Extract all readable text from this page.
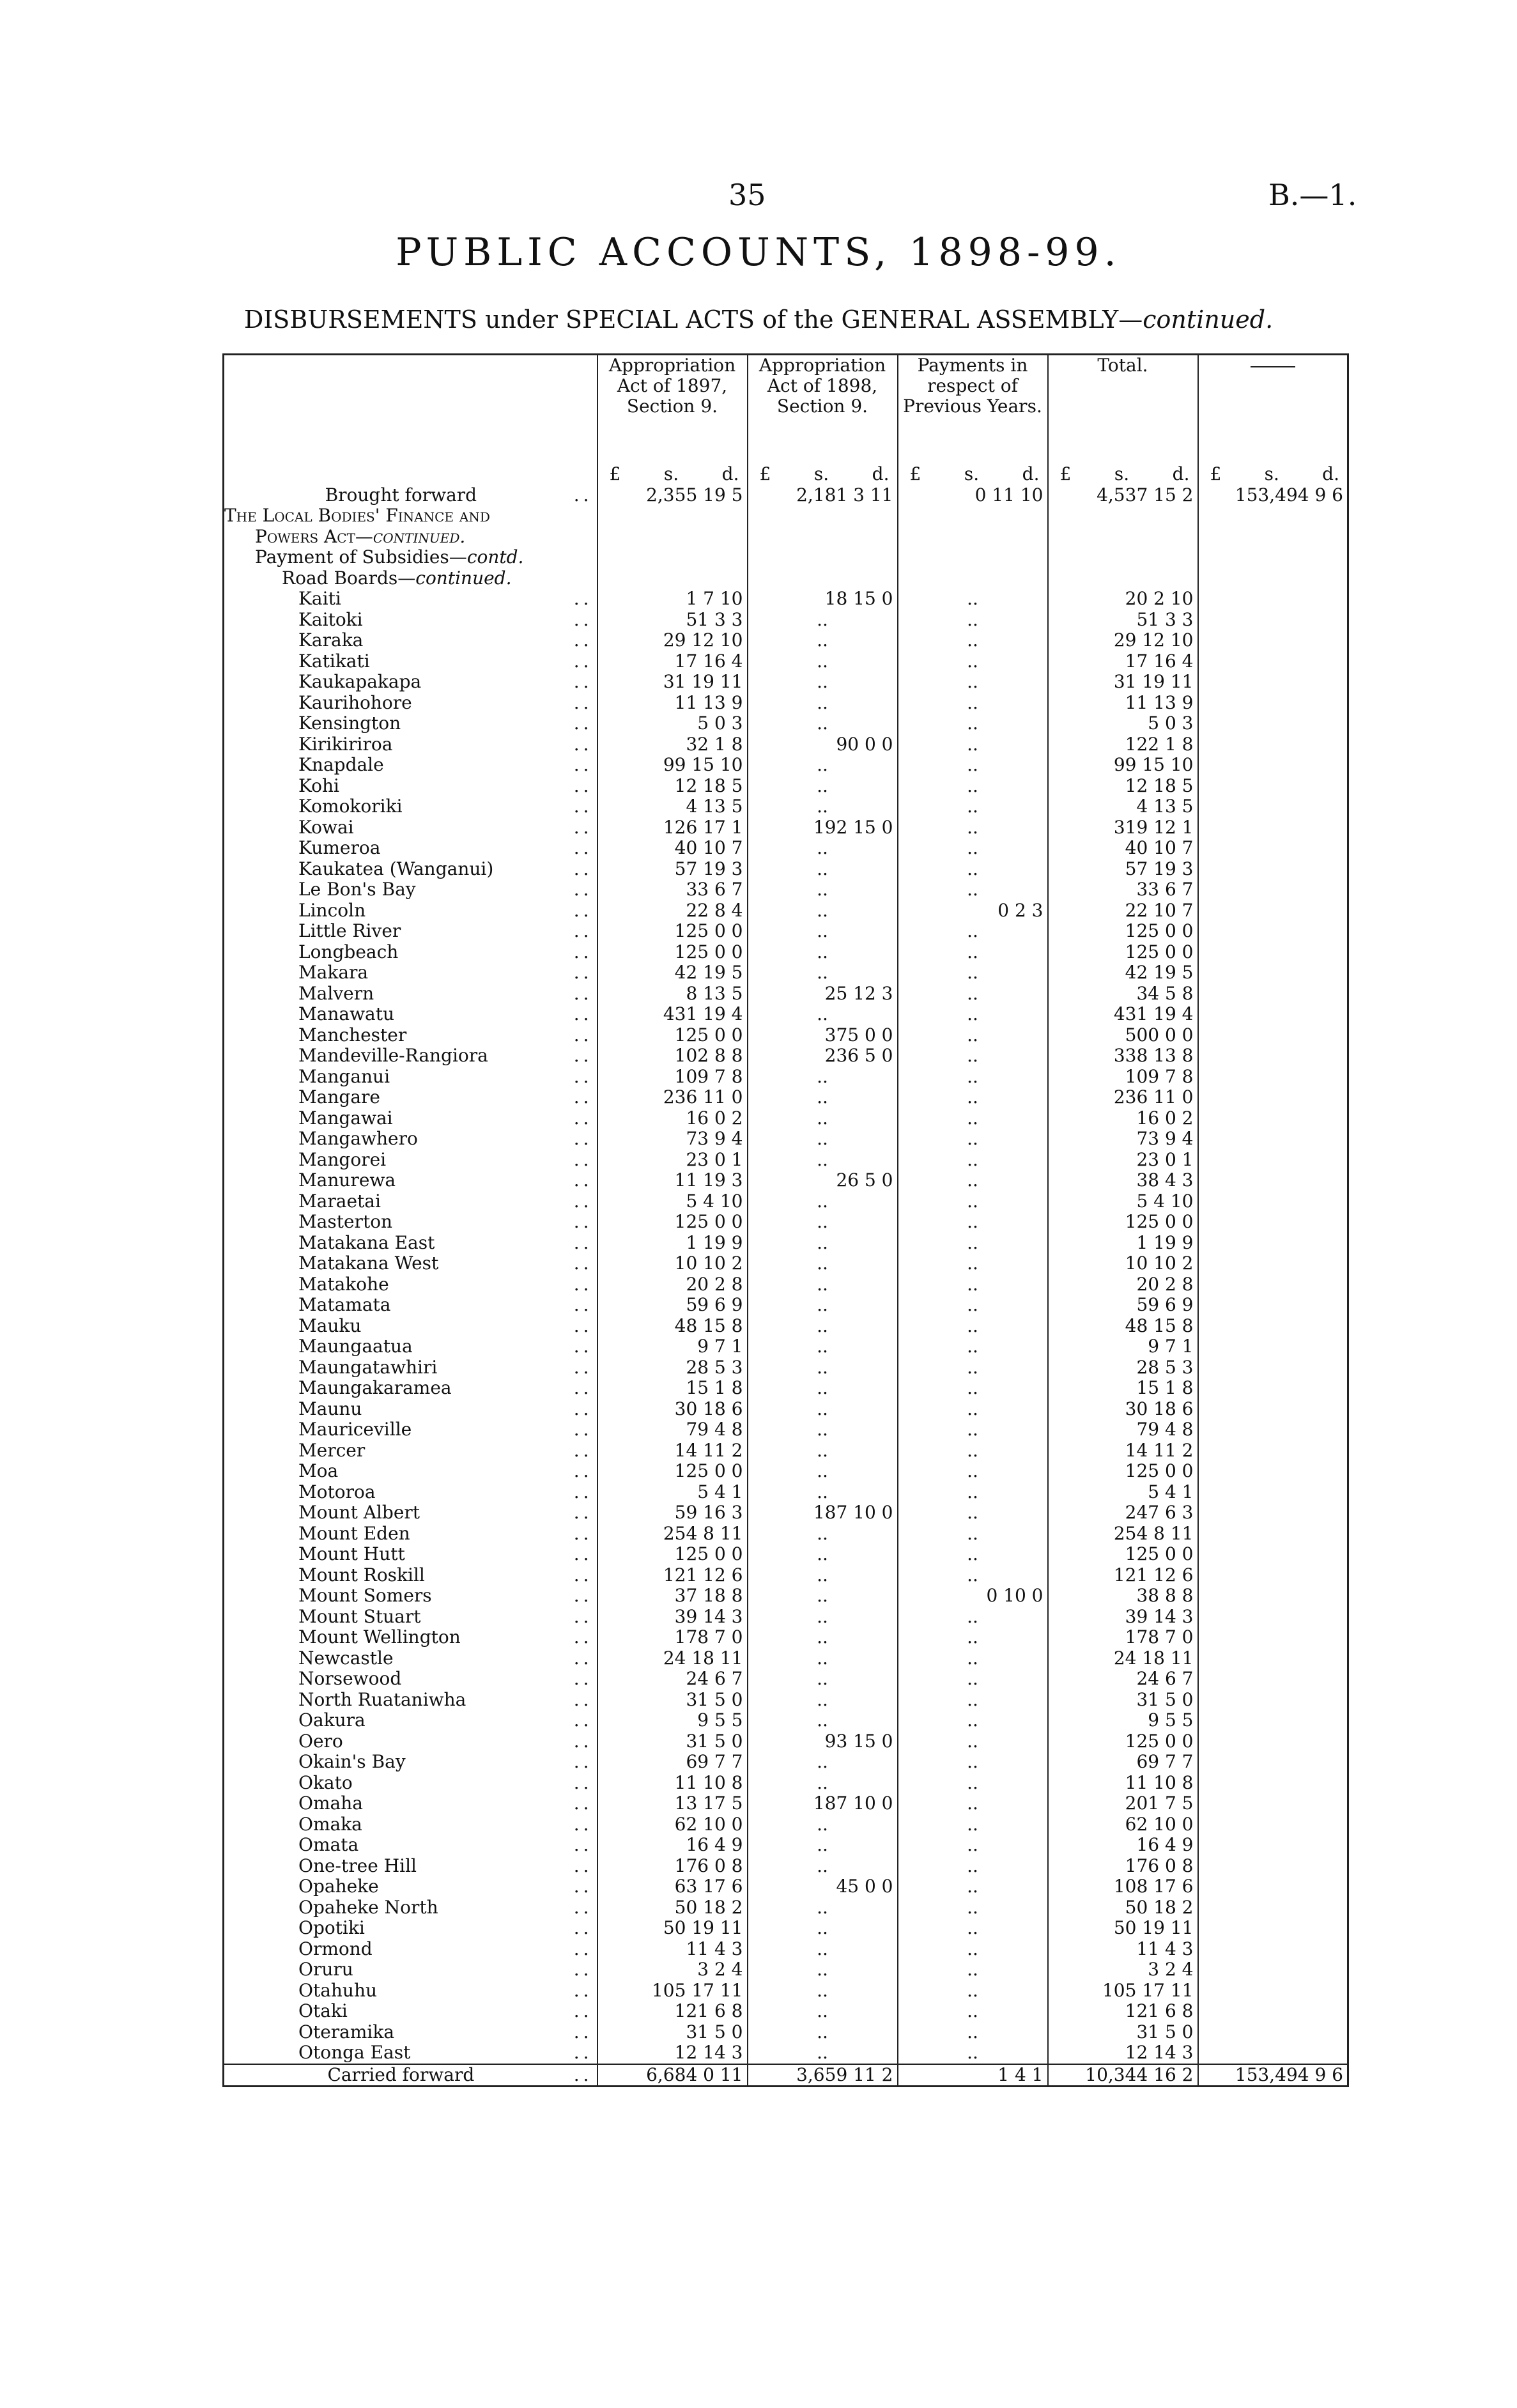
35	B.—1.
PUBLIC ACCOUNTS, 1898-99.
DISBURSEMENTS under SPECIAL ACTS of the GENERAL ASSEMBLY—continued.
	Appropriation Act of 1897, Section 9.	Appropriation Act of 1898, Section 9.	Payments in respect of Previous Years.	Total.	

	£ s. d.	£ s. d.	£ s. d.	£ s. d.	£ s. d.

Brought forward ..	2,355 19 5	2,181 3 11	0 11 10	4,537 15 2	153,494 9 6
The Local Bodies' Finance and					
Powers Act—continued.					
Payment of Subsidies—contd.					
Road Boards—continued.					
Kaiti ..	1 7 10	18 15 0	..	20 2 10	
Kaitoki ..	51 3 3	..	..	51 3 3	
Karaka ..	29 12 10	..	..	29 12 10	
Katikati ..	17 16 4	..	..	17 16 4	
Kaukapakapa ..	31 19 11	..	..	31 19 11	
Kaurihohore ..	11 13 9	..	..	11 13 9	
Kensington ..	5 0 3	..	..	5 0 3	
Kirikiriroa ..	32 1 8	90 0 0	..	122 1 8	
Knapdale ..	99 15 10	..	..	99 15 10	
Kohi ..	12 18 5	..	..	12 18 5	
Komokoriki ..	4 13 5	..	..	4 13 5	
Kowai ..	126 17 1	192 15 0	..	319 12 1	
Kumeroa ..	40 10 7	..	..	40 10 7	
Kaukatea (Wanganui) ..	57 19 3	..	..	57 19 3	
Le Bon's Bay ..	33 6 7	..	..	33 6 7	
Lincoln ..	22 8 4	..	0 2 3	22 10 7	
Little River ..	125 0 0	..	..	125 0 0	
Longbeach ..	125 0 0	..	..	125 0 0	
Makara ..	42 19 5	..	..	42 19 5	
Malvern ..	8 13 5	25 12 3	..	34 5 8	
Manawatu ..	431 19 4	..	..	431 19 4	
Manchester ..	125 0 0	375 0 0	..	500 0 0	
Mandeville-Rangiora ..	102 8 8	236 5 0	..	338 13 8	
Manganui ..	109 7 8	..	..	109 7 8	
Mangare ..	236 11 0	..	..	236 11 0	
Mangawai ..	16 0 2	..	..	16 0 2	
Mangawhero ..	73 9 4	..	..	73 9 4	
Mangorei ..	23 0 1	..	..	23 0 1	
Manurewa ..	11 19 3	26 5 0	..	38 4 3	
Maraetai ..	5 4 10	..	..	5 4 10	
Masterton ..	125 0 0	..	..	125 0 0	
Matakana East ..	1 19 9	..	..	1 19 9	
Matakana West ..	10 10 2	..	..	10 10 2	
Matakohe ..	20 2 8	..	..	20 2 8	
Matamata ..	59 6 9	..	..	59 6 9	
Mauku ..	48 15 8	..	..	48 15 8	
Maungaatua ..	9 7 1	..	..	9 7 1	
Maungatawhiri ..	28 5 3	..	..	28 5 3	
Maungakaramea ..	15 1 8	..	..	15 1 8	
Maunu ..	30 18 6	..	..	30 18 6	
Mauriceville ..	79 4 8	..	..	79 4 8	
Mercer ..	14 11 2	..	..	14 11 2	
Moa ..	125 0 0	..	..	125 0 0	
Motoroa ..	5 4 1	..	..	5 4 1	
Mount Albert ..	59 16 3	187 10 0	..	247 6 3	
Mount Eden ..	254 8 11	..	..	254 8 11	
Mount Hutt ..	125 0 0	..	..	125 0 0	
Mount Roskill ..	121 12 6	..	..	121 12 6	
Mount Somers ..	37 18 8	..	0 10 0	38 8 8	
Mount Stuart ..	39 14 3	..	..	39 14 3	
Mount Wellington ..	178 7 0	..	..	178 7 0	
Newcastle ..	24 18 11	..	..	24 18 11	
Norsewood ..	24 6 7	..	..	24 6 7	
North Ruataniwha ..	31 5 0	..	..	31 5 0	
Oakura ..	9 5 5	..	..	9 5 5	
Oero ..	31 5 0	93 15 0	..	125 0 0	
Okain's Bay ..	69 7 7	..	..	69 7 7	
Okato ..	11 10 8	..	..	11 10 8	
Omaha ..	13 17 5	187 10 0	..	201 7 5	
Omaka ..	62 10 0	..	..	62 10 0	
Omata ..	16 4 9	..	..	16 4 9	
One-tree Hill ..	176 0 8	..	..	176 0 8	
Opaheke ..	63 17 6	45 0 0	..	108 17 6	
Opaheke North ..	50 18 2	..	..	50 18 2	
Opotiki ..	50 19 11	..	..	50 19 11	
Ormond ..	11 4 3	..	..	11 4 3	
Oruru ..	3 2 4	..	..	3 2 4	
Otahuhu ..	105 17 11	..	..	105 17 11	
Otaki ..	121 6 8	..	..	121 6 8	
Oteramika ..	31 5 0	..	..	31 5 0	
Otonga East ..	12 14 3	..	..	12 14 3	
Carried forward ..	6,684 0 11	3,659 11 2	1 4 1	10,344 16 2	153,494 9 6
